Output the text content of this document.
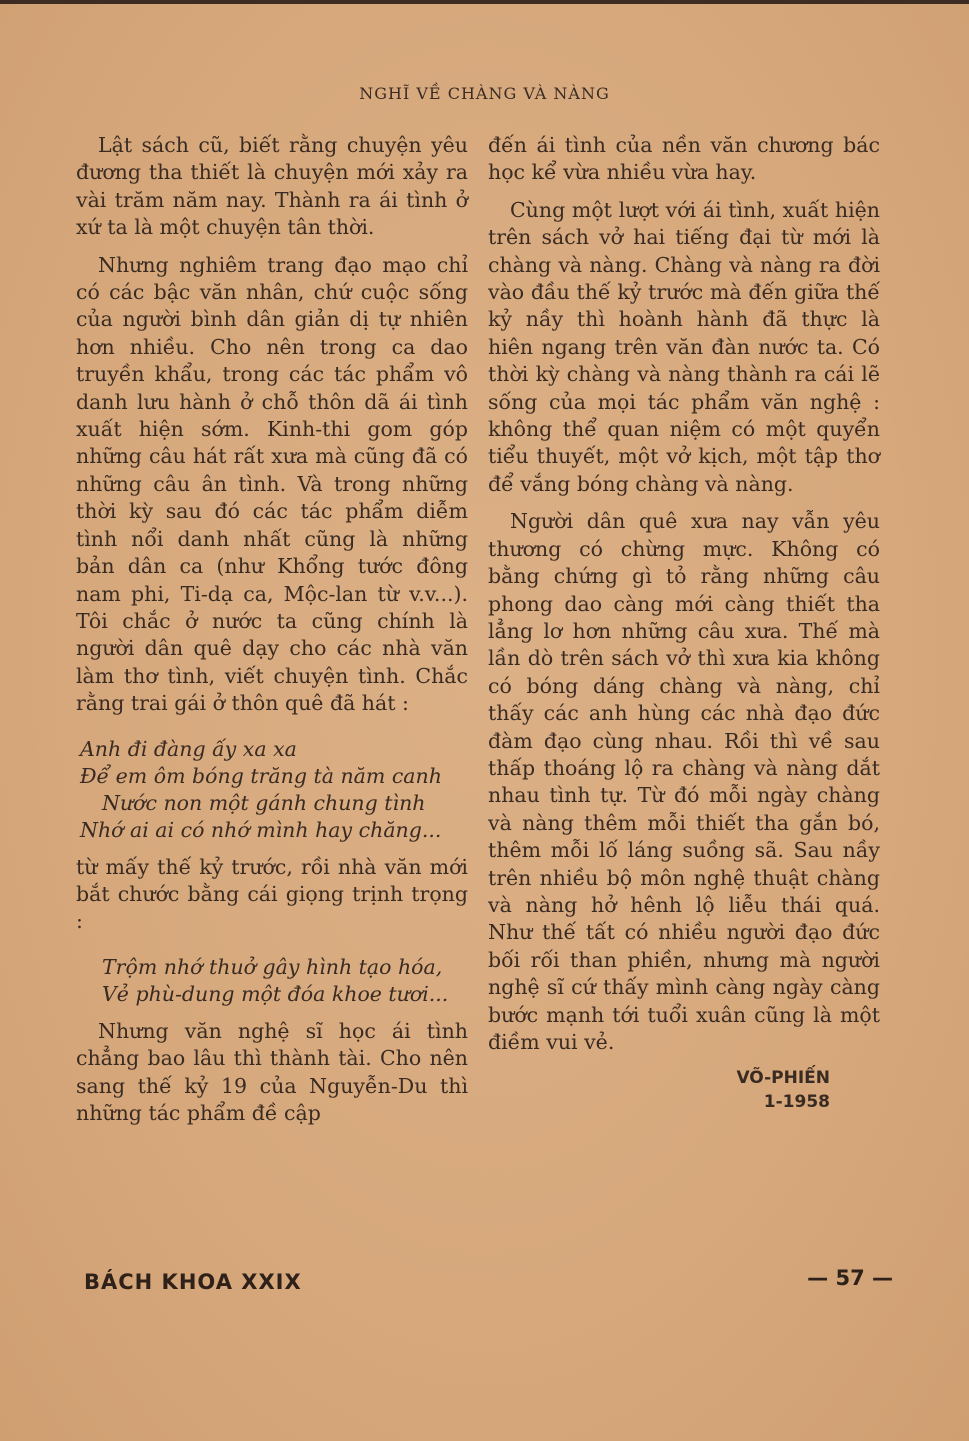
NGHĨ VỀ CHÀNG VÀ NÀNG

Lật sách cũ, biết rằng chuyện yêu đương tha thiết là chuyện mới xảy ra vài trăm năm nay. Thành ra ái tình ở xứ ta là một chuyện tân thời.

Nhưng nghiêm trang đạo mạo chỉ có các bậc văn nhân, chứ cuộc sống của người bình dân giản dị tự nhiên hơn nhiều. Cho nên trong ca dao truyền khẩu, trong các tác phẩm vô danh lưu hành ở chỗ thôn dã ái tình xuất hiện sớm. Kinh-thi gom góp những câu hát rất xưa mà cũng đã có những câu ân tình. Và trong những thời kỳ sau đó các tác phẩm diễm tình nổi danh nhất cũng là những bản dân ca (như Khổng tước đông nam phi, Ti-dạ ca, Mộc-lan từ v.v...). Tôi chắc ở nước ta cũng chính là người dân quê dạy cho các nhà văn làm thơ tình, viết chuyện tình. Chắc rằng trai gái ở thôn quê đã hát :

Anh đi đàng ấy xa xa
Để em ôm bóng trăng tà năm canh
Nước non một gánh chung tình
Nhớ ai ai có nhớ mình hay chăng...

từ mấy thế kỷ trước, rồi nhà văn mới bắt chước bằng cái giọng trịnh trọng :

Trộm nhớ thuở gây hình tạo hóa,
Vẻ phù-dung một đóa khoe tươi...

Nhưng văn nghệ sĩ học ái tình chẳng bao lâu thì thành tài. Cho nên sang thế kỷ 19 của Nguyễn-Du thì những tác phẩm đề cập

đến ái tình của nền văn chương bác học kể vừa nhiều vừa hay.

Cùng một lượt với ái tình, xuất hiện trên sách vở hai tiếng đại từ mới là chàng và nàng. Chàng và nàng ra đời vào đầu thế kỷ trước mà đến giữa thế kỷ nầy thì hoành hành đã thực là hiên ngang trên văn đàn nước ta. Có thời kỳ chàng và nàng thành ra cái lẽ sống của mọi tác phẩm văn nghệ : không thể quan niệm có một quyển tiểu thuyết, một vở kịch, một tập thơ để vắng bóng chàng và nàng.

Người dân quê xưa nay vẫn yêu thương có chừng mực. Không có bằng chứng gì tỏ rằng những câu phong dao càng mới càng thiết tha lẳng lơ hơn những câu xưa. Thế mà lần dò trên sách vở thì xưa kia không có bóng dáng chàng và nàng, chỉ thấy các anh hùng các nhà đạo đức đàm đạo cùng nhau. Rồi thì về sau thấp thoáng lộ ra chàng và nàng dắt nhau tình tự. Từ đó mỗi ngày chàng và nàng thêm mỗi thiết tha gắn bó, thêm mỗi lố láng suồng sã. Sau nầy trên nhiều bộ môn nghệ thuật chàng và nàng hở hênh lộ liễu thái quá. Như thế tất có nhiều người đạo đức bối rối than phiền, nhưng mà người nghệ sĩ cứ thấy mình càng ngày càng bước mạnh tới tuổi xuân cũng là một điềm vui vẻ.

VÕ-PHIẾN
1-1958
BÁCH KHOA XXIX	— 57 —
